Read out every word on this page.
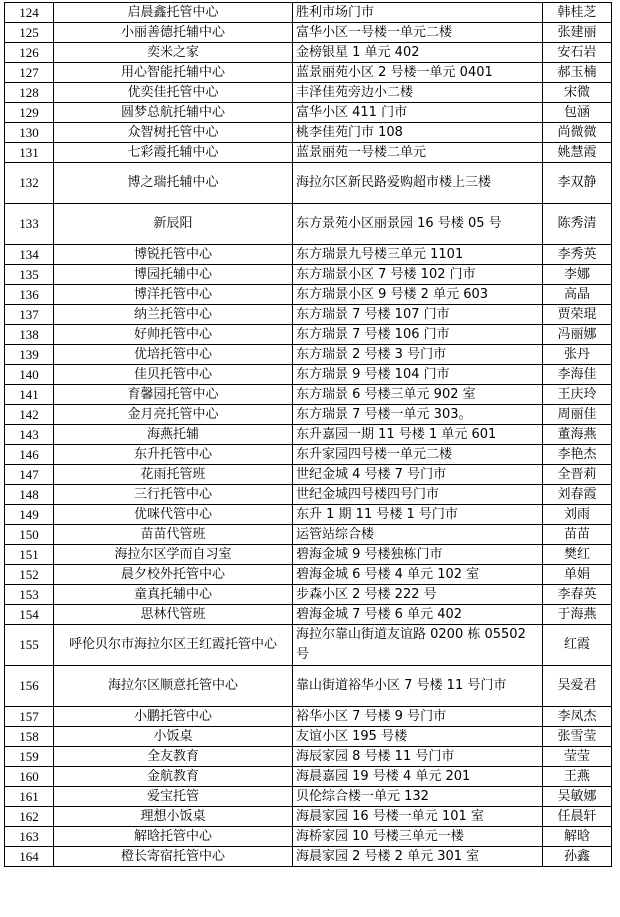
124	启晨鑫托管中心	胜利市场门市	韩桂芝
125	小丽善德托辅中心	富华小区一号楼一单元二楼	张建丽
126	奕米之家	金榜银星 1 单元 402	安石岩
127	用心智能托辅中心	蓝景丽苑小区 2 号楼一单元 0401	郝玉楠
128	优奕佳托管中心	丰泽佳苑旁边小二楼	宋微
129	圆梦总航托辅中心	富华小区 411 门市	包涵
130	众智树托管中心	桃李佳苑门市 108	尚微微
131	七彩霞托辅中心	蓝景丽苑一号楼二单元	姚慧霞
132	博之瑞托辅中心	海拉尔区新民路爱购超市楼上三楼	李双静
133	新辰阳	东方景苑小区丽景园 16 号楼 05 号	陈秀清
134	博锐托管中心	东方瑞景九号楼三单元 1101	李秀英
135	博园托辅中心	东方瑞景小区 7 号楼 102 门市	李娜
136	博洋托管中心	东方瑞景小区 9 号楼 2 单元 603	高晶
137	纳兰托管中心	东方瑞景 7 号楼 107 门市	贾荣琨
138	好帅托管中心	东方瑞景 7 号楼 106 门市	冯丽娜
139	优培托管中心	东方瑞景 2 号楼 3 号门市	张丹
140	佳贝托管中心	东方瑞景 9 号楼 104 门市	李海佳
141	育馨园托管中心	东方瑞景 6 号楼三单元 902 室	王庆玲
142	金月亮托管中心	东方瑞景 7 号楼一单元 303。	周丽佳
143	海燕托辅	东升嘉园一期 11 号楼 1 单元 601	董海燕
146	东升托管中心	东升家园四号楼一单元二楼	李艳杰
147	花雨托管班	世纪金城 4 号楼 7 号门市	全晋莉
148	三行托管中心	世纪金城四号楼四号门市	刘春霞
149	优咪代管中心	东升 1 期 11 号楼 1 号门市	刘雨
150	苗苗代管班	运管站综合楼	苗苗
151	海拉尔区学而自习室	碧海金城 9 号楼独栋门市	樊红
152	晨夕校外托管中心	碧海金城 6 号楼 4 单元 102 室	单娟
153	童真托辅中心	步森小区 2 号楼 222 号	李春英
154	思林代管班	碧海金城 7 号楼 6 单元 402	于海燕
155	呼伦贝尔市海拉尔区王红霞托管中心	海拉尔靠山街道友谊路 0200 栋 05502 号	红霞
156	海拉尔区顺意托管中心	靠山街道裕华小区 7 号楼 11 号门市	吴爱君
157	小鹏托管中心	裕华小区 7 号楼 9 号门市	李凤杰
158	小饭桌	友谊小区 195 号楼	张雪莹
159	全友教育	海辰家园 8 号楼 11 号门市	莹莹
160	金航教育	海晨嘉园 19 号楼 4 单元 201	王燕
161	爱宝托管	贝伦综合楼一单元 132	吴敏娜
162	理想小饭桌	海晨家园 16 号楼一单元 101 室	任晨轩
163	解晗托管中心	海桥家园 10 号楼三单元一楼	解晗
164	橙长寄宿托管中心	海晨家园 2 号楼 2 单元 301 室	孙鑫
